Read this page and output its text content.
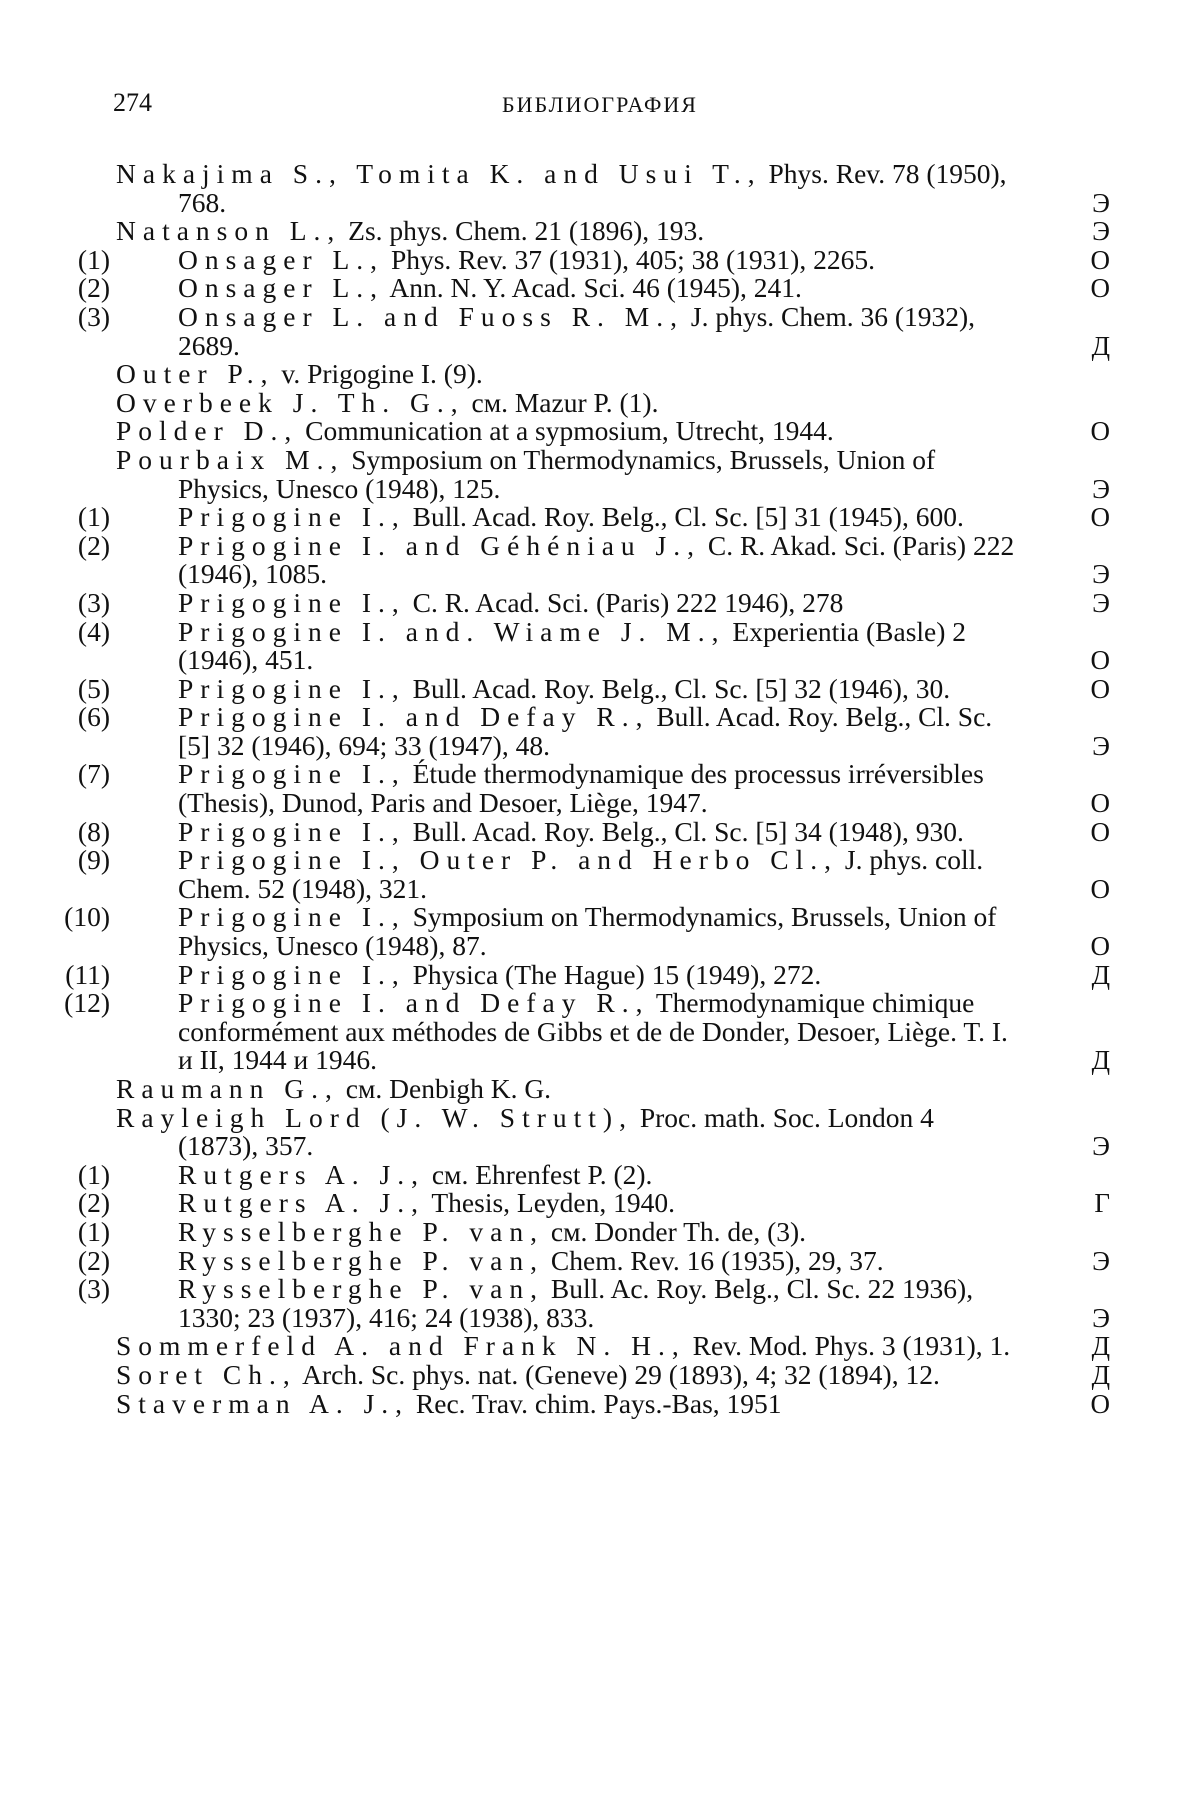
274	БИБЛИОГРАФИЯ
Nakajima S., Tomita K. and Usui T., Phys. Rev. 78 (1950), 768.	Э
Natanson L., Zs. phys. Chem. 21 (1896), 193.	Э
(1)	Onsager L., Phys. Rev. 37 (1931), 405; 38 (1931), 2265.	О
(2)	Onsager L., Ann. N. Y. Acad. Sci. 46 (1945), 241.	О
(3)	Onsager L. and Fuoss R. M., J. phys. Chem. 36 (1932), 2689.	Д
Outer P., v. Prigogine I. (9).
Overbeek J. Th. G., см. Mazur P. (1).
Polder D., Communication at a sypmosium, Utrecht, 1944.	О
Pourbaix M., Symposium on Thermodynamics, Brussels, Union of Physics, Unesco (1948), 125.	Э
(1)	Prigogine I., Bull. Acad. Roy. Belg., Cl. Sc. [5] 31 (1945), 600.	О
(2)	Prigogine I. and Géhéniau J., C. R. Akad. Sci. (Paris) 222 (1946), 1085.	Э
(3)	Prigogine I., C. R. Acad. Sci. (Paris) 222 1946), 278	Э
(4)	Prigogine I. and. Wiame J. M., Experientia (Basle) 2 (1946), 451.	О
(5)	Prigogine I., Bull. Acad. Roy. Belg., Cl. Sc. [5] 32 (1946), 30.	О
(6)	Prigogine I. and Defay R., Bull. Acad. Roy. Belg., Cl. Sc. [5] 32 (1946), 694; 33 (1947), 48.	Э
(7)	Prigogine I., Étude thermodynamique des processus irréversibles (Thesis), Dunod, Paris and Desoer, Liège, 1947.	О
(8)	Prigogine I., Bull. Acad. Roy. Belg., Cl. Sc. [5] 34 (1948), 930.	О
(9)	Prigogine I., Outer P. and Herbo Cl., J. phys. coll. Chem. 52 (1948), 321.	О
(10)	Prigogine I., Symposium on Thermodynamics, Brussels, Union of Physics, Unesco (1948), 87.	О
(11)	Prigogine I., Physica (The Hague) 15 (1949), 272.	Д
(12)	Prigogine I. and Defay R., Thermodynamique chimique conformément aux méthodes de Gibbs et de de Donder, Desoer, Liège. T. I. и II, 1944 и 1946.	Д
Raumann G., см. Denbigh K. G.
Rayleigh Lord (J. W. Strutt), Proc. math. Soc. London 4 (1873), 357.	Э
(1)	Rutgers A. J., см. Ehrenfest P. (2).
(2)	Rutgers A. J., Thesis, Leyden, 1940.	Г
(1)	Rysselberghe P. van, см. Donder Th. de, (3).
(2)	Rysselberghe P. van, Chem. Rev. 16 (1935), 29, 37.	Э
(3)	Rysselberghe P. van, Bull. Ac. Roy. Belg., Cl. Sc. 22 1936), 1330; 23 (1937), 416; 24 (1938), 833.	Э
Sommerfeld A. and Frank N. H., Rev. Mod. Phys. 3 (1931), 1.	Д
Soret Ch., Arch. Sc. phys. nat. (Geneve) 29 (1893), 4; 32 (1894), 12.	Д
Staverman A. J., Rec. Trav. chim. Pays.-Bas, 1951	О
